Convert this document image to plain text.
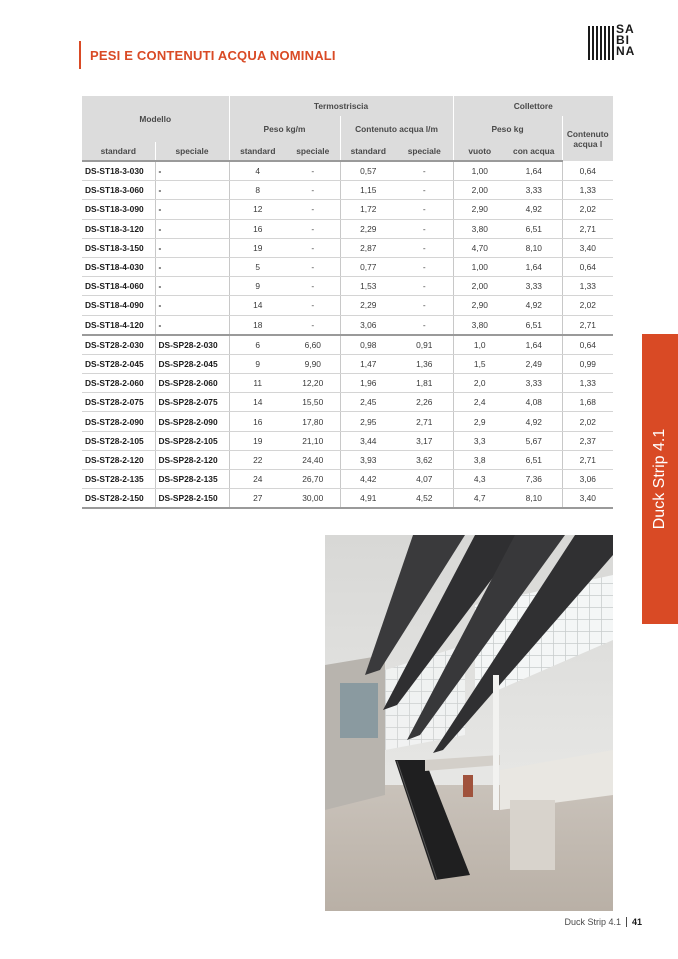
PESI E CONTENUTI ACQUA NOMINALI
SA
BI
NA
Modello		Termostriscia				Collettore		
		Peso kg/m		Contenuto acqua l/m		Peso kg		Contenuto acqua l
standard	speciale	standard	speciale	standard	speciale	vuoto	con acqua	
DS-ST18-3-030	-	4	-	0,57	-	1,00	1,64	0,64
DS-ST18-3-060	-	8	-	1,15	-	2,00	3,33	1,33
DS-ST18-3-090	-	12	-	1,72	-	2,90	4,92	2,02
DS-ST18-3-120	-	16	-	2,29	-	3,80	6,51	2,71
DS-ST18-3-150	-	19	-	2,87	-	4,70	8,10	3,40
DS-ST18-4-030	-	5	-	0,77	-	1,00	1,64	0,64
DS-ST18-4-060	-	9	-	1,53	-	2,00	3,33	1,33
DS-ST18-4-090	-	14	-	2,29	-	2,90	4,92	2,02
DS-ST18-4-120	-	18	-	3,06	-	3,80	6,51	2,71
DS-ST28-2-030	DS-SP28-2-030	6	6,60	0,98	0,91	1,0	1,64	0,64
DS-ST28-2-045	DS-SP28-2-045	9	9,90	1,47	1,36	1,5	2,49	0,99
DS-ST28-2-060	DS-SP28-2-060	11	12,20	1,96	1,81	2,0	3,33	1,33
DS-ST28-2-075	DS-SP28-2-075	14	15,50	2,45	2,26	2,4	4,08	1,68
DS-ST28-2-090	DS-SP28-2-090	16	17,80	2,95	2,71	2,9	4,92	2,02
DS-ST28-2-105	DS-SP28-2-105	19	21,10	3,44	3,17	3,3	5,67	2,37
DS-ST28-2-120	DS-SP28-2-120	22	24,40	3,93	3,62	3,8	6,51	2,71
DS-ST28-2-135	DS-SP28-2-135	24	26,70	4,42	4,07	4,3	7,36	3,06
DS-ST28-2-150	DS-SP28-2-150	27	30,00	4,91	4,52	4,7	8,10	3,40	Duck Strip 4.1
Duck Strip 4.1 41
